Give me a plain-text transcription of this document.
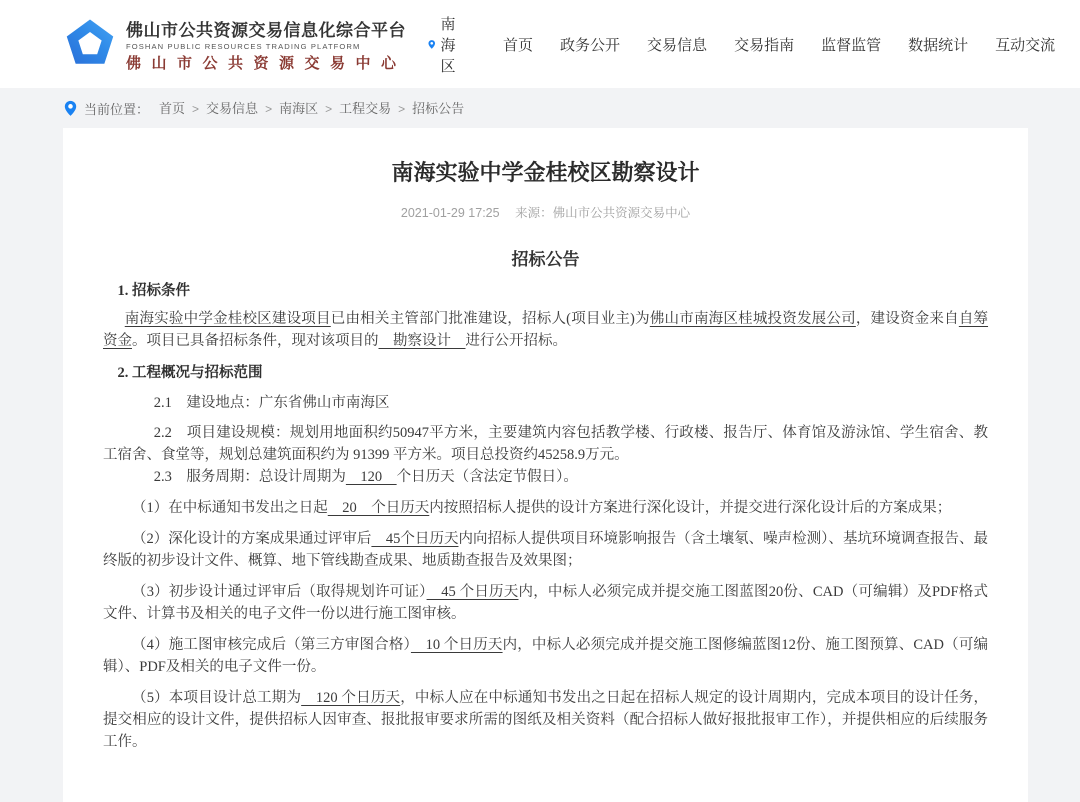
佛山市公共资源交易信息化综合平台
FOSHAN PUBLIC RESOURCES TRADING PLATFORM
佛山市公共资源交易中心
南海区
首页 政务公开 交易信息 交易指南 监督监管 数据统计 互动交流
当前位置： 首页 > 交易信息 > 南海区 > 工程交易 > 招标公告
南海实验中学金桂校区勘察设计
2021-01-29 17:25 来源：佛山市公共资源交易中心
招标公告

1. 招标条件

南海实验中学金桂校区建设项目已由相关主管部门批准建设，招标人(项目业主)为佛山市南海区桂城投资发展公司，建设资金来自自筹资金。项目已具备招标条件，现对该项目的　勘察设计　进行公开招标。

2. 工程概况与招标范围

2.1　建设地点：广东省佛山市南海区

2.2　项目建设规模：规划用地面积约50947平方米，主要建筑内容包括教学楼、行政楼、报告厅、体育馆及游泳馆、学生宿舍、教工宿舍、食堂等，规划总建筑面积约为 91399 平方米。项目总投资约45258.9万元。

2.3　服务周期：总设计周期为　120　个日历天（含法定节假日）。

（1）在中标通知书发出之日起　20　个日历天内按照招标人提供的设计方案进行深化设计，并提交进行深化设计后的方案成果；

（2）深化设计的方案成果通过评审后　45个日历天内向招标人提供项目环境影响报告（含土壤氡、噪声检测）、基坑环境调查报告、最终版的初步设计文件、概算、地下管线勘查成果、地质勘查报告及效果图；

（3）初步设计通过评审后（取得规划许可证）　45 个日历天内，中标人必须完成并提交施工图蓝图20份、CAD（可编辑）及PDF格式文件、计算书及相关的电子文件一份以进行施工图审核。

（4）施工图审核完成后（第三方审图合格）　10 个日历天内，中标人必须完成并提交施工图修编蓝图12份、施工图预算、CAD（可编辑）、PDF及相关的电子文件一份。

（5）本项目设计总工期为　120 个日历天，中标人应在中标通知书发出之日起在招标人规定的设计周期内，完成本项目的设计任务，提交相应的设计文件，提供招标人因审查、报批报审要求所需的图纸及相关资料（配合招标人做好报批报审工作），并提供相应的后续服务工作。
